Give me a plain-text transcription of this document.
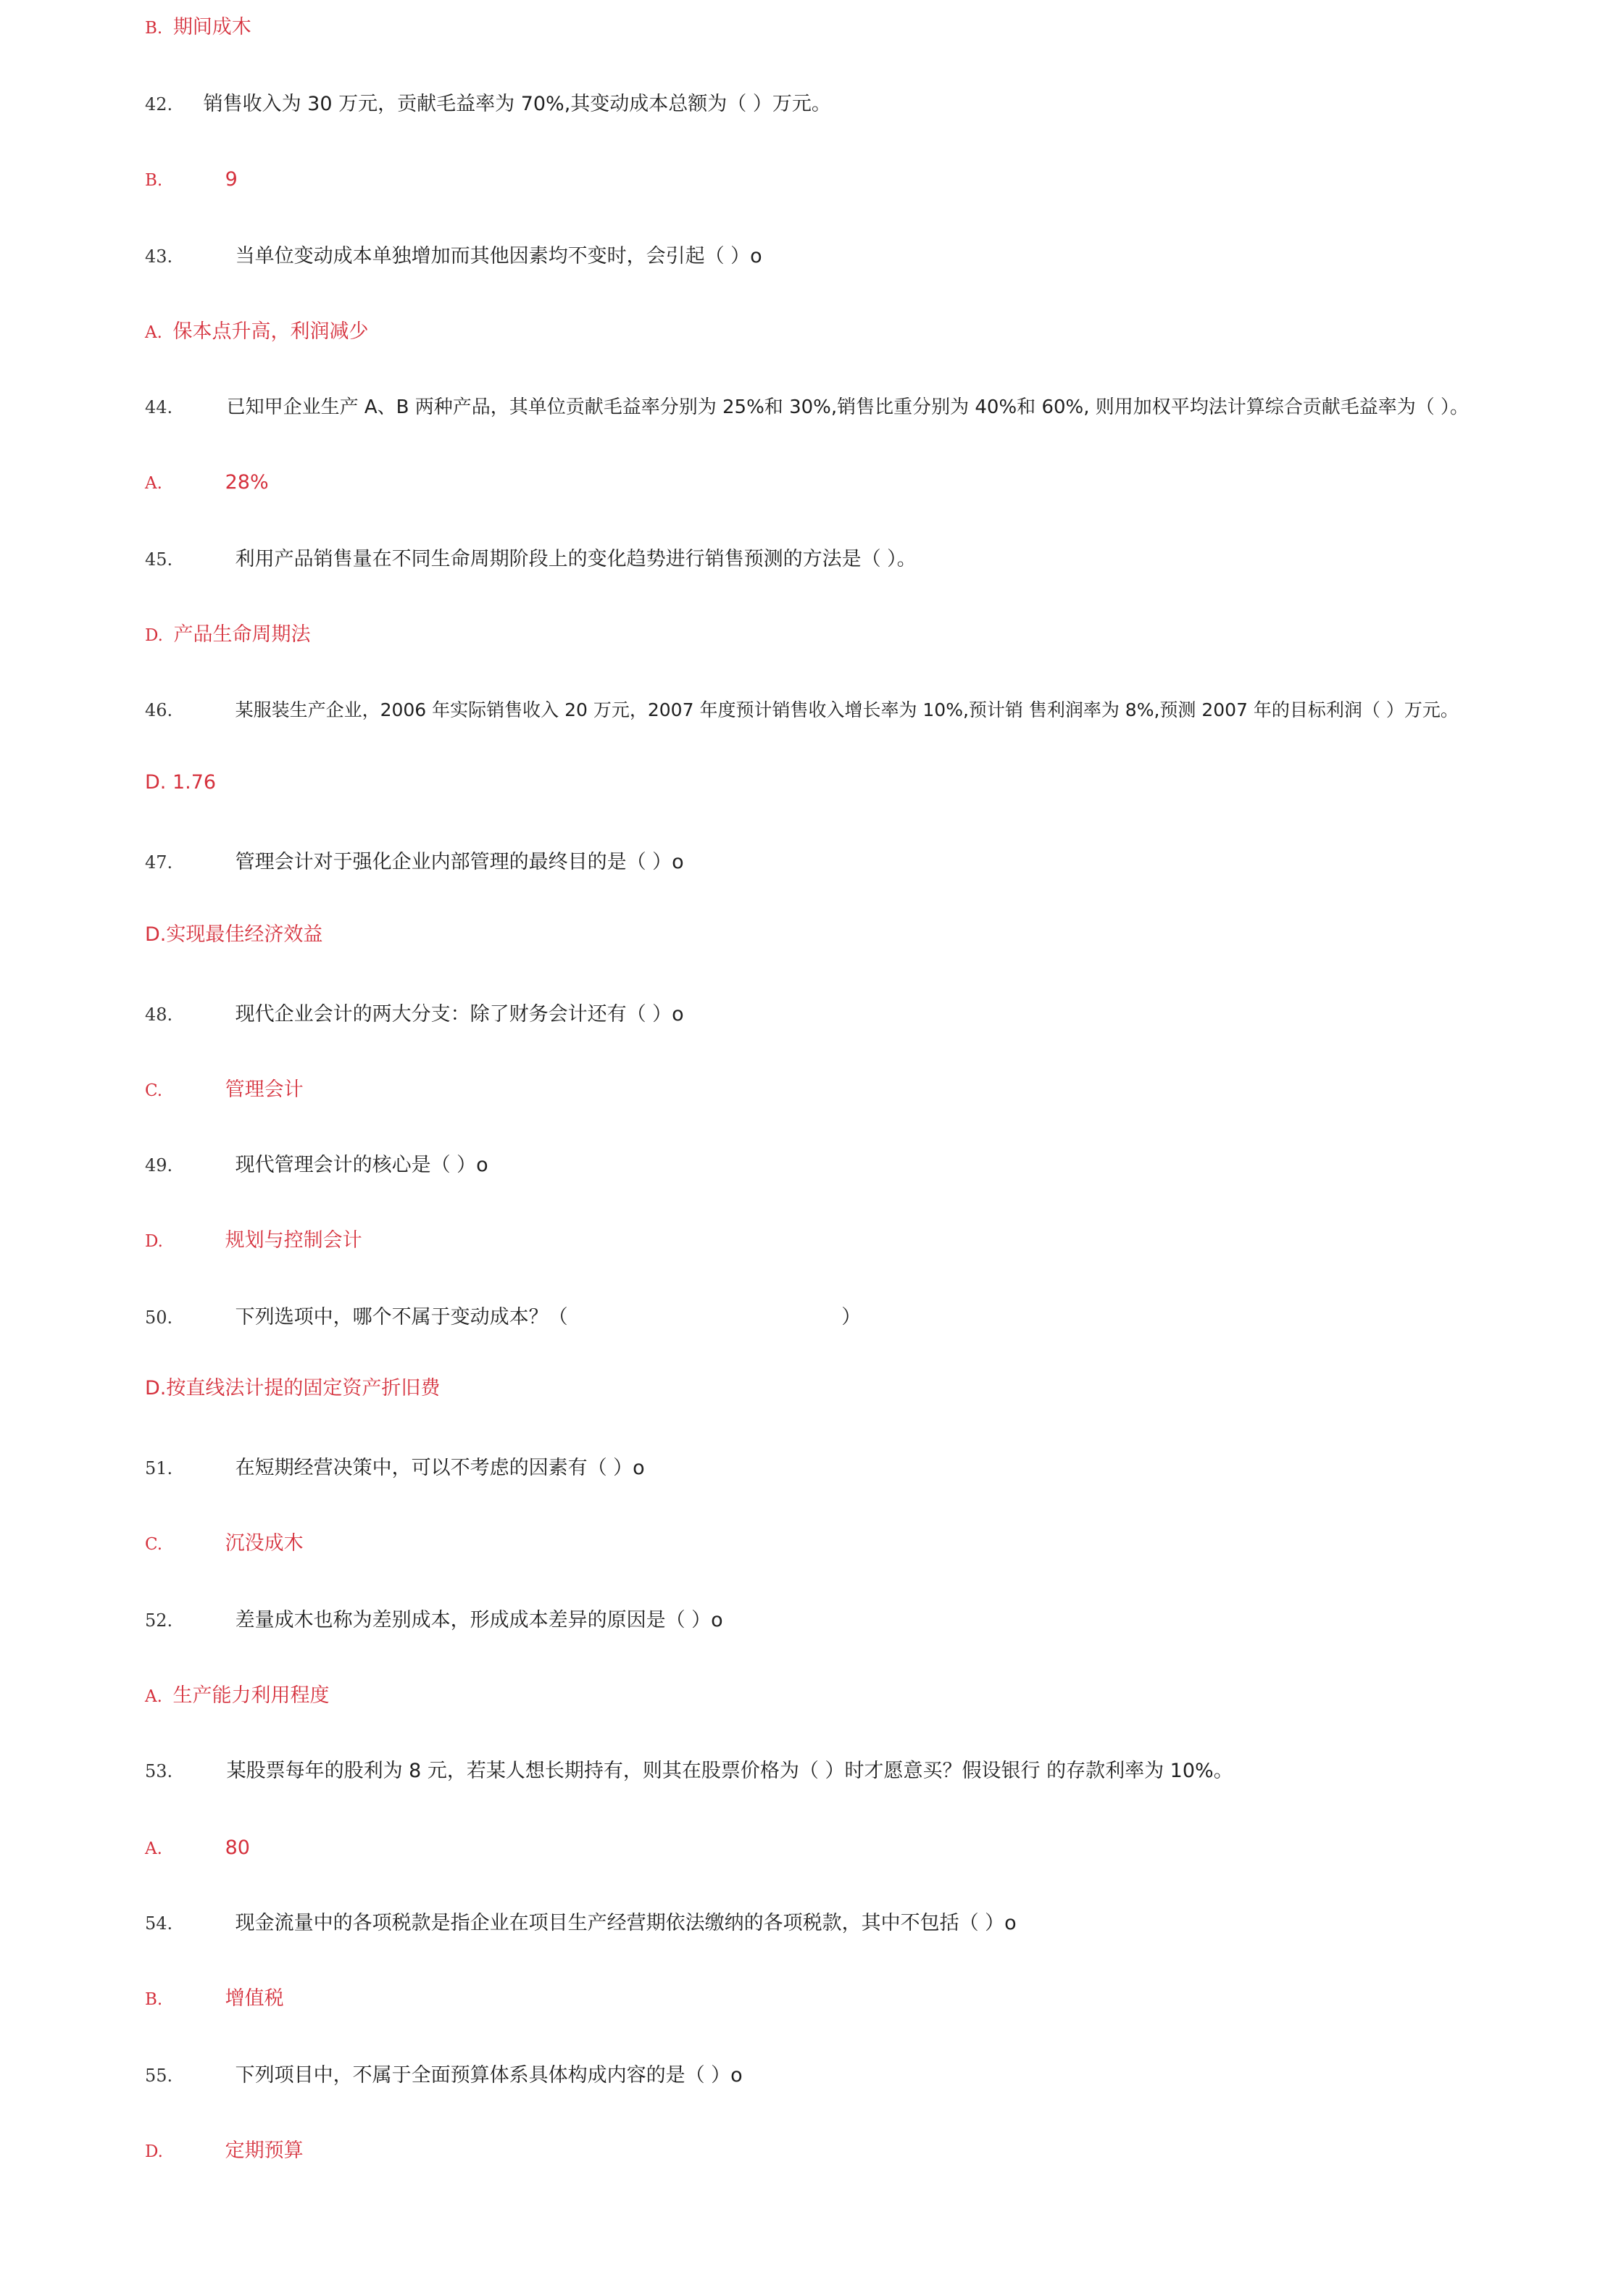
B. 期间成木
42. 销售收入为 30 万元，贡献毛益率为 70%,其变动成本总额为（ ）万元。
B.	9
43.	当单位变动成本单独增加而其他因素均不变时，会引起（ ）o
A. 保本点升高，利润减少
44.	已知甲企业生产 A、B 两种产品，其单位贡献毛益率分别为 25%和 30%,销售比重分别为 40%和 60%, 则用加权平均法计算综合贡献毛益率为（ ）。
A.	28%
45.	利用产品销售量在不同生命周期阶段上的变化趋势进行销售预测的方法是（ ）。
D. 产品生命周期法
46.	某服装生产企业，2006 年实际销售收入 20 万元，2007 年度预计销售收入增长率为 10%,预计销 售利润率为 8%,预测 2007 年的目标利润（ ）万元。
D. 1.76
47.	管理会计对于强化企业内部管理的最终目的是（ ）o
D.实现最佳经济效益
48.	现代企业会计的两大分支：除了财务会计还有（ ）o
C.	管理会计
49.	现代管理会计的核心是（ ）o
D.	规划与控制会计
50.	下列选项中，哪个不属于变动成本？（                                            ）
D.按直线法计提的固定资产折旧费
51.	在短期经营决策中，可以不考虑的因素有（ ）o
C.	沉没成木
52.	差量成木也称为差别成本，形成成本差异的原因是（ ）o
A. 生产能力利用程度
53.	某股票每年的股利为 8 元，若某人想长期持有，则其在股票价格为（ ）时才愿意买？假设银行 的存款利率为 10%。
A.	80
54.	现金流量中的各项税款是指企业在项目生产经营期依法缴纳的各项税款，其中不包括（ ）o
B.	增值税
55.	下列项目中，不属于全面预算体系具体构成内容的是（ ）o
D.	定期预算
